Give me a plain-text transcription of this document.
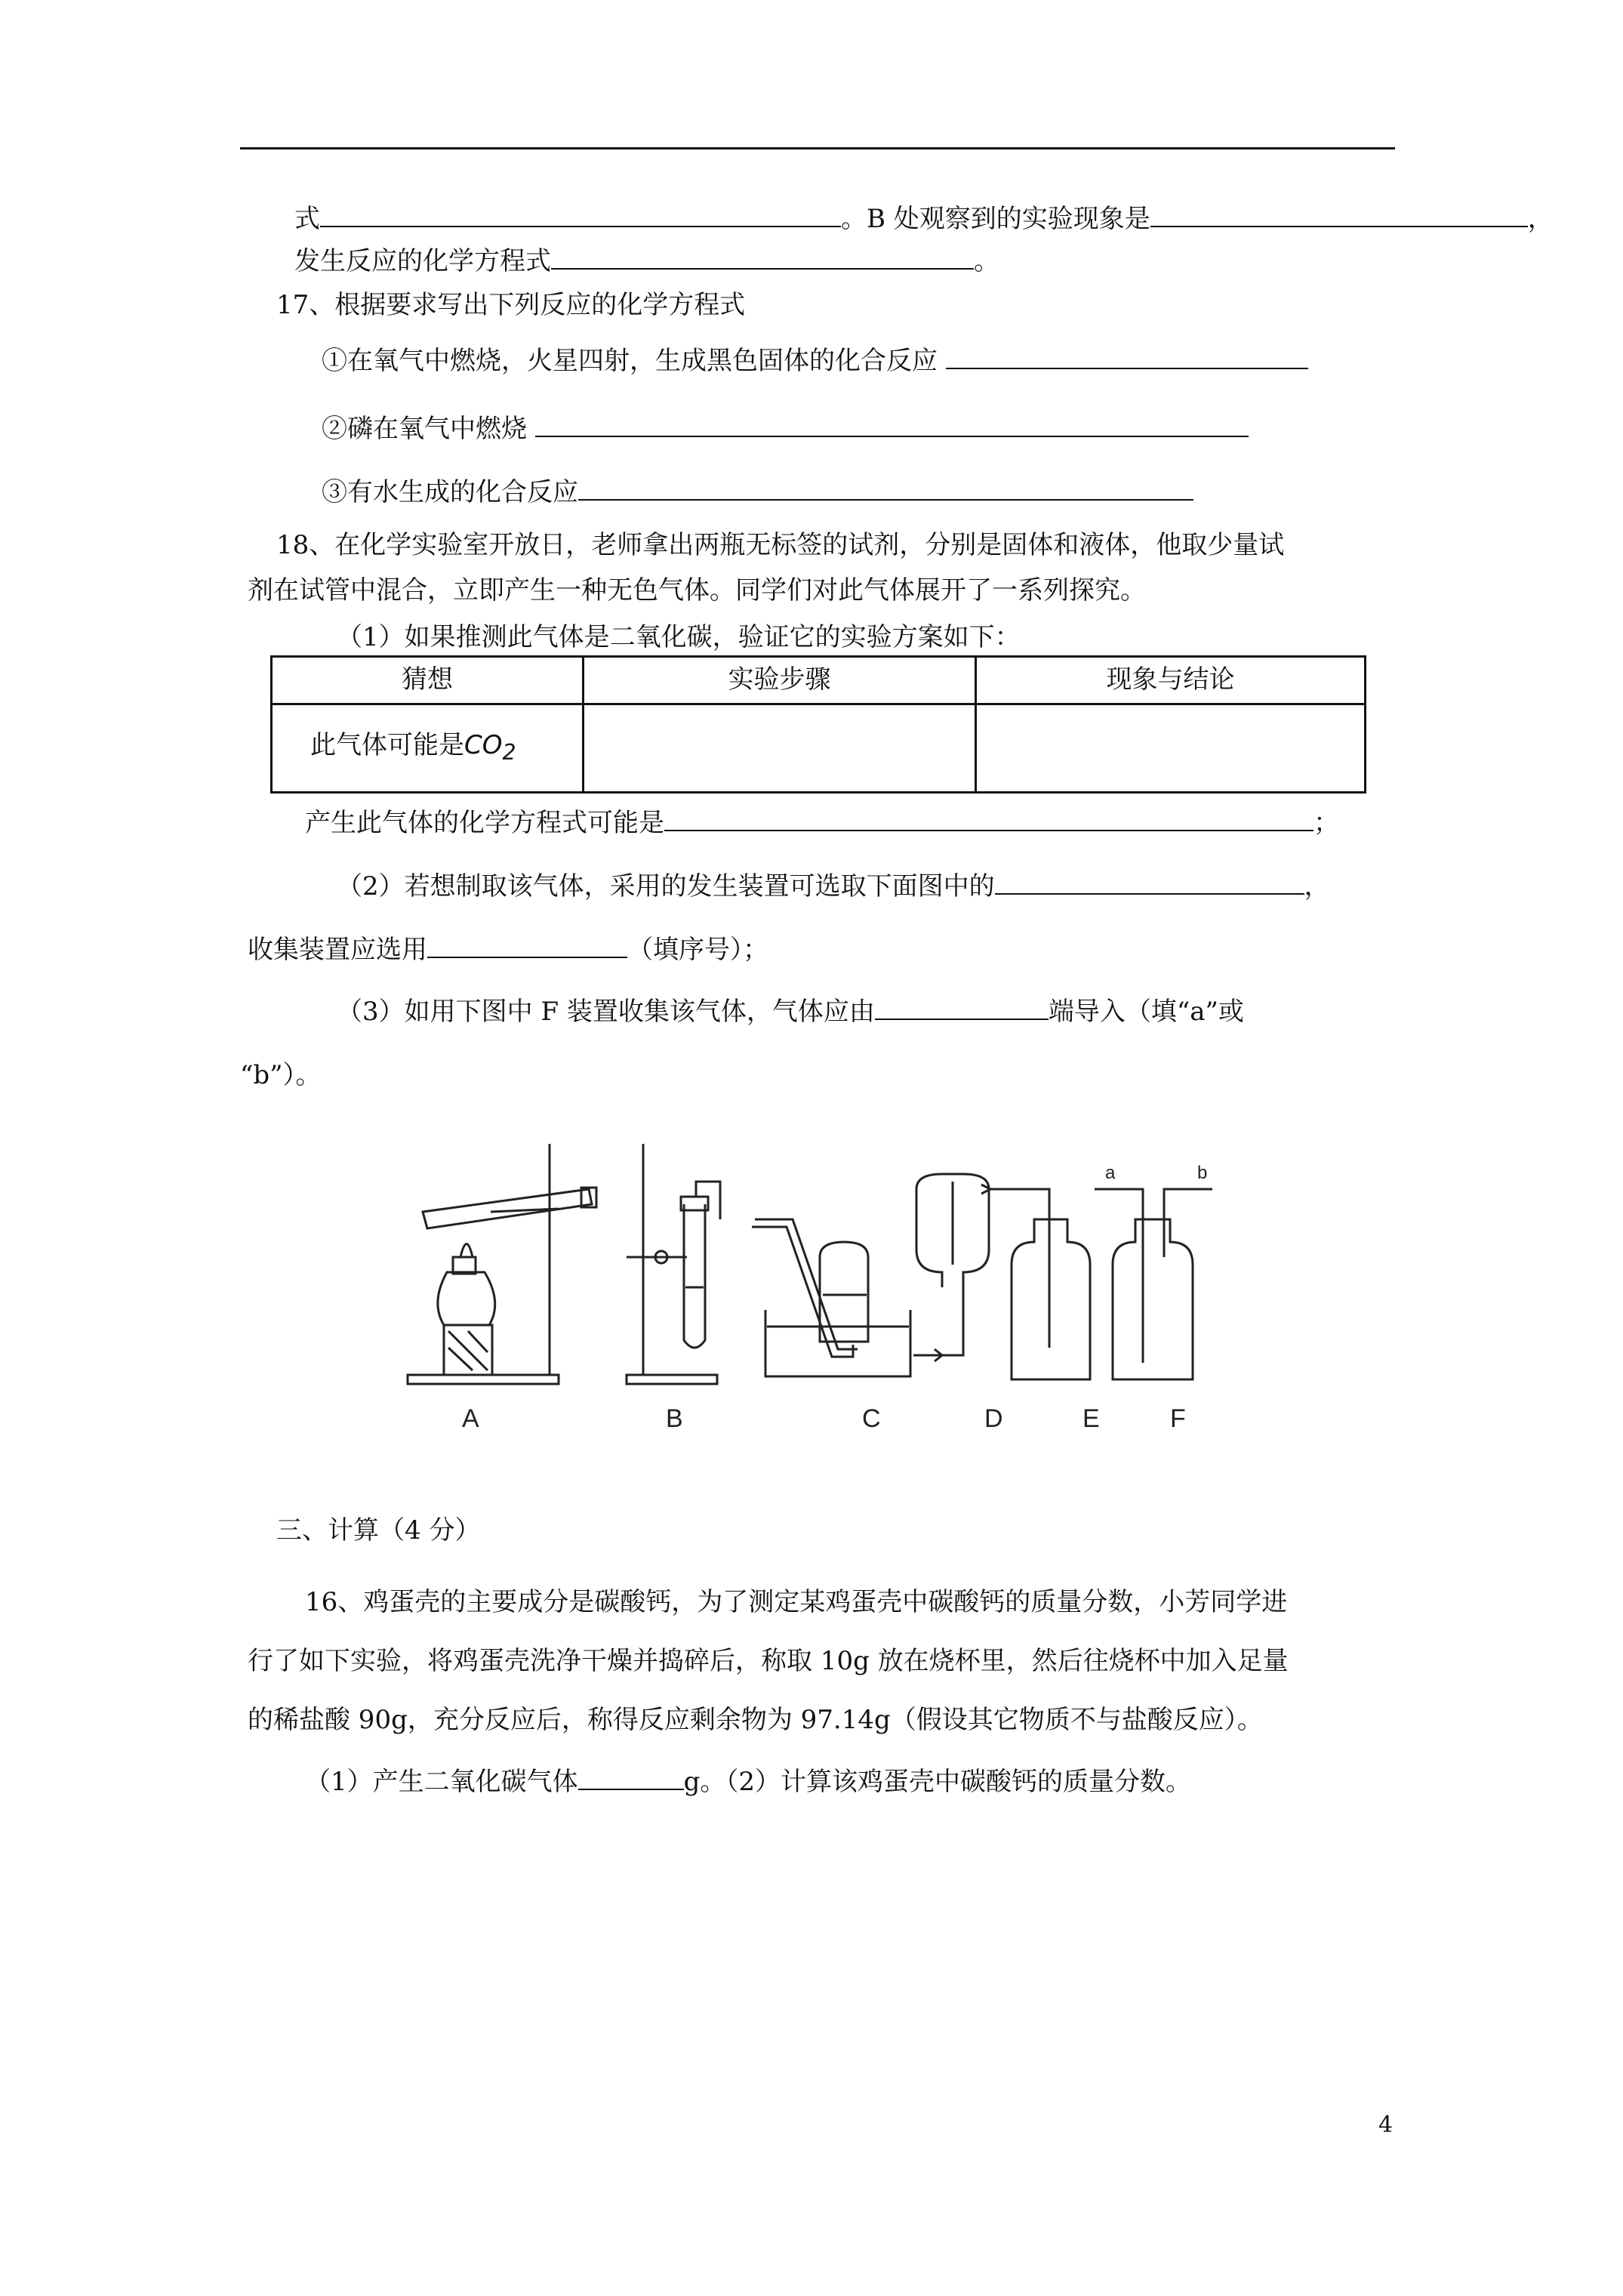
式	。B 处观察到的实验现象是	，
发生反应的化学方程式	。
17、根据要求写出下列反应的化学方程式
①在氧气中燃烧，火星四射，生成黑色固体的化合反应
②磷在氧气中燃烧
③有水生成的化合反应
18、在化学实验室开放日，老师拿出两瓶无标签的试剂，分别是固体和液体，他取少量试
剂在试管中混合，立即产生一种无色气体。同学们对此气体展开了一系列探究。
（1）如果推测此气体是二氧化碳，验证它的实验方案如下：
猜想	实验步骤	现象与结论
此气体可能是$CO_2$		
产生此气体的化学方程式可能是	；
（2）若想制取该气体，采用的发生装置可选取下面图中的	，
收集装置应选用	（填序号）；
（3）如用下图中 F 装置收集该气体，气体应由	端导入（填“a”或
“b”）。
a	b
A	B	C	D	E	F
三、计算（4 分）
16、鸡蛋壳的主要成分是碳酸钙，为了测定某鸡蛋壳中碳酸钙的质量分数，小芳同学进
行了如下实验，将鸡蛋壳洗净干燥并捣碎后，称取 10g 放在烧杯里，然后往烧杯中加入足量
的稀盐酸 90g，充分反应后，称得反应剩余物为 97.14g（假设其它物质不与盐酸反应）。
（1）产生二氧化碳气体	g。（2）计算该鸡蛋壳中碳酸钙的质量分数。
4
